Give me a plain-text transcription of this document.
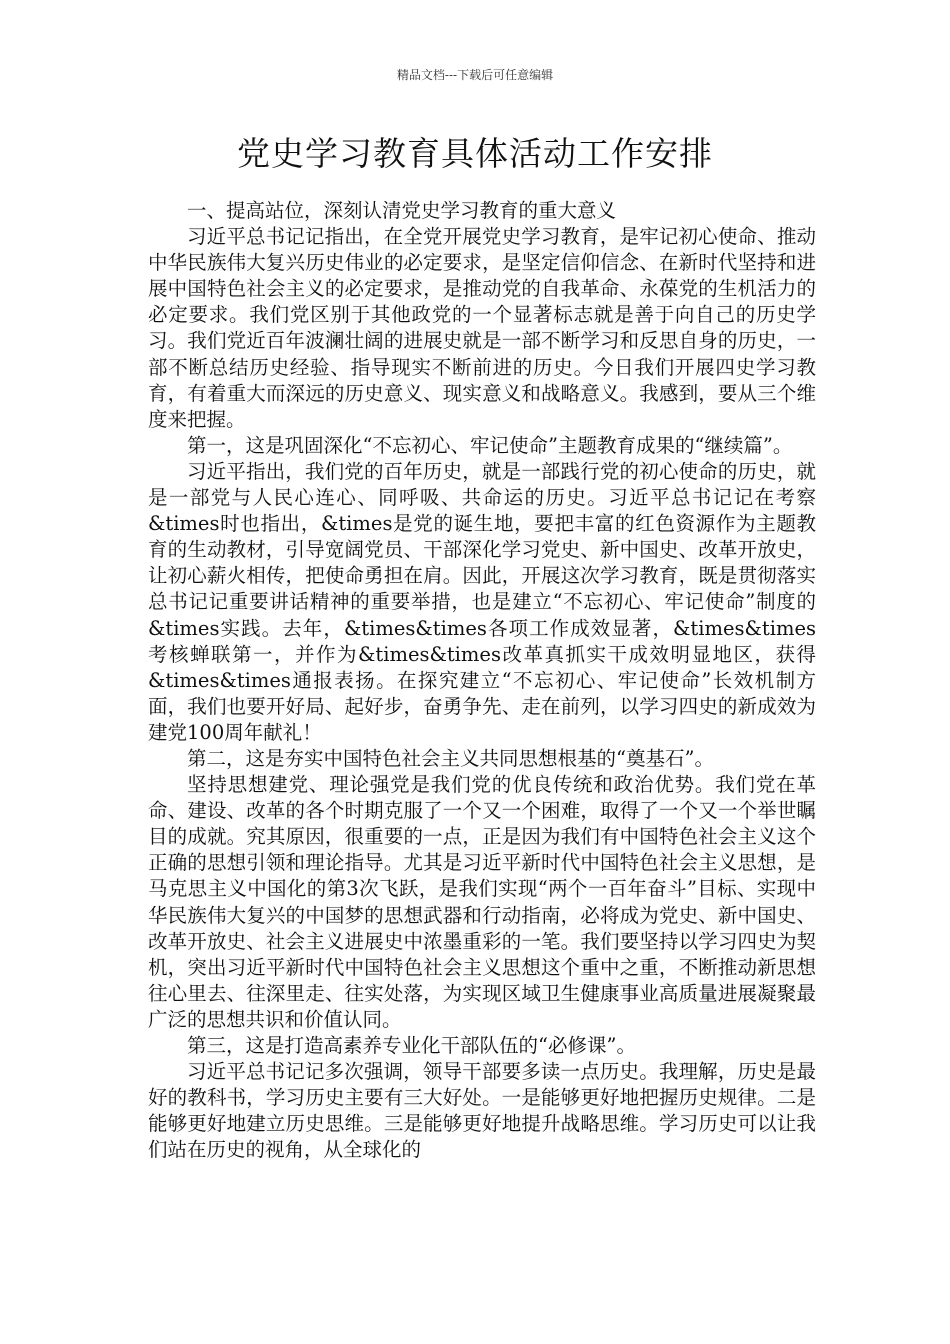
精品文档---下载后可任意编辑
党史学习教育具体活动工作安排

一、提高站位，深刻认清党史学习教育的重大意义

习近平总书记记指出，在全党开展党史学习教育，是牢记初心使命、推动中华民族伟大复兴历史伟业的必定要求，是坚定信仰信念、在新时代坚持和进展中国特色社会主义的必定要求，是推动党的自我革命、永葆党的生机活力的必定要求。我们党区别于其他政党的一个显著标志就是善于向自己的历史学习。我们党近百年波澜壮阔的进展史就是一部不断学习和反思自身的历史，一部不断总结历史经验、指导现实不断前进的历史。今日我们开展四史学习教育，有着重大而深远的历史意义、现实意义和战略意义。我感到，要从三个维度来把握。

第一，这是巩固深化“不忘初心、牢记使命”主题教育成果的“继续篇”。

习近平指出，我们党的百年历史，就是一部践行党的初心使命的历史，就是一部党与人民心连心、同呼吸、共命运的历史。习近平总书记记在考察&times时也指出，&times是党的诞生地，要把丰富的红色资源作为主题教育的生动教材，引导宽阔党员、干部深化学习党史、新中国史、改革开放史，让初心薪火相传，把使命勇担在肩。因此，开展这次学习教育，既是贯彻落实总书记记重要讲话精神的重要举措，也是建立“不忘初心、牢记使命”制度的&times实践。去年，&times&times各项工作成效显著，&times&times考核蝉联第一，并作为&times&times改革真抓实干成效明显地区，获得&times&times通报表扬。在探究建立“不忘初心、牢记使命”长效机制方面，我们也要开好局、起好步，奋勇争先、走在前列，以学习四史的新成效为建党100周年献礼！

第二，这是夯实中国特色社会主义共同思想根基的“奠基石”。

坚持思想建党、理论强党是我们党的优良传统和政治优势。我们党在革命、建设、改革的各个时期克服了一个又一个困难，取得了一个又一个举世瞩目的成就。究其原因，很重要的一点，正是因为我们有中国特色社会主义这个正确的思想引领和理论指导。尤其是习近平新时代中国特色社会主义思想，是马克思主义中国化的第3次飞跃，是我们实现“两个一百年奋斗”目标、实现中华民族伟大复兴的中国梦的思想武器和行动指南，必将成为党史、新中国史、改革开放史、社会主义进展史中浓墨重彩的一笔。我们要坚持以学习四史为契机，突出习近平新时代中国特色社会主义思想这个重中之重，不断推动新思想往心里去、往深里走、往实处落，为实现区域卫生健康事业高质量进展凝聚最广泛的思想共识和价值认同。

第三，这是打造高素养专业化干部队伍的“必修课”。

习近平总书记记多次强调，领导干部要多读一点历史。我理解，历史是最好的教科书，学习历史主要有三大好处。一是能够更好地把握历史规律。二是能够更好地建立历史思维。三是能够更好地提升战略思维。学习历史可以让我们站在历史的视角，从全球化的
